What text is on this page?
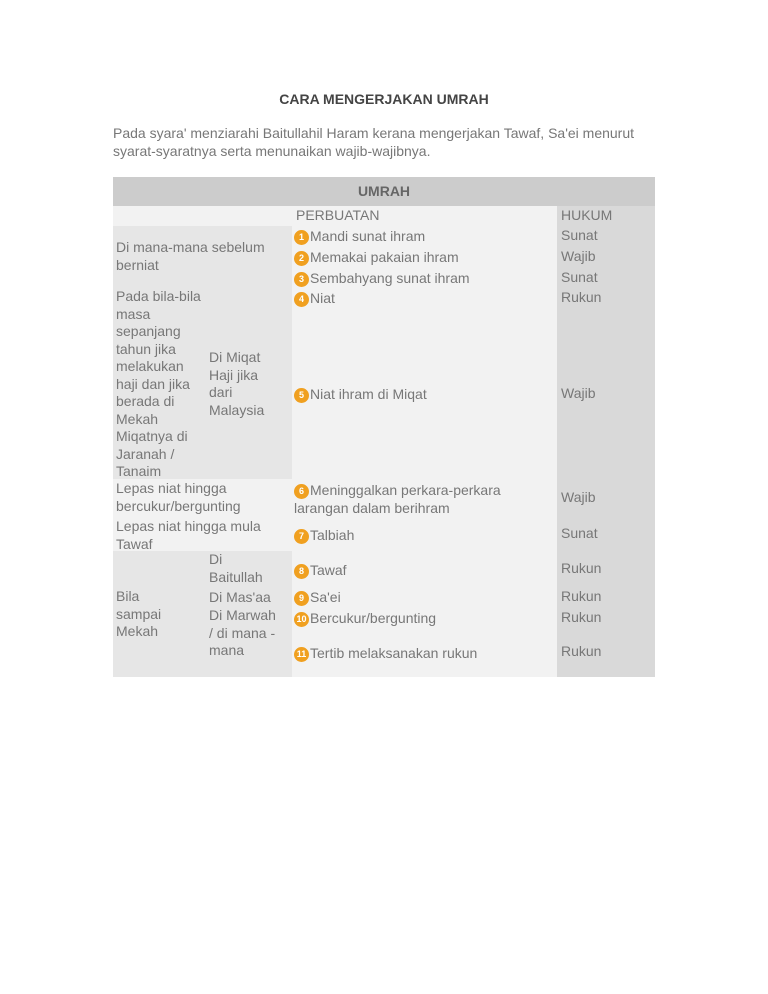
CARA MENGERJAKAN UMRAH
Pada syara' menziarahi Baitullahil Haram kerana mengerjakan Tawaf, Sa'ei menurut syarat-syaratnya serta menunaikan wajib-wajibnya.
UMRAH
PERBUATAN	HUKUM
Di mana-mana sebelum berniat
Pada bila-bila masa sepanjang tahun jika melakukan haji dan jika berada di Mekah Miqatnya di Jaranah / Tanaim
Di Miqat Haji jika dari Malaysia
Lepas niat hingga bercukur/bergunting
Lepas niat hingga mula Tawaf
Bila sampai Mekah
Di Baitullah
Di Mas'aa
Di Marwah / di mana - mana
1 Mandi sunat ihram
2 Memakai pakaian ihram
3 Sembahyang sunat ihram
4 Niat
5 Niat ihram di Miqat
6 Meninggalkan perkara-perkara larangan dalam berihram
7 Talbiah
8 Tawaf
9 Sa'ei
10 Bercukur/bergunting
11 Tertib melaksanakan rukun
Sunat
Wajib
Sunat
Rukun
Wajib
Wajib
Sunat
Rukun
Rukun
Rukun
Rukun
